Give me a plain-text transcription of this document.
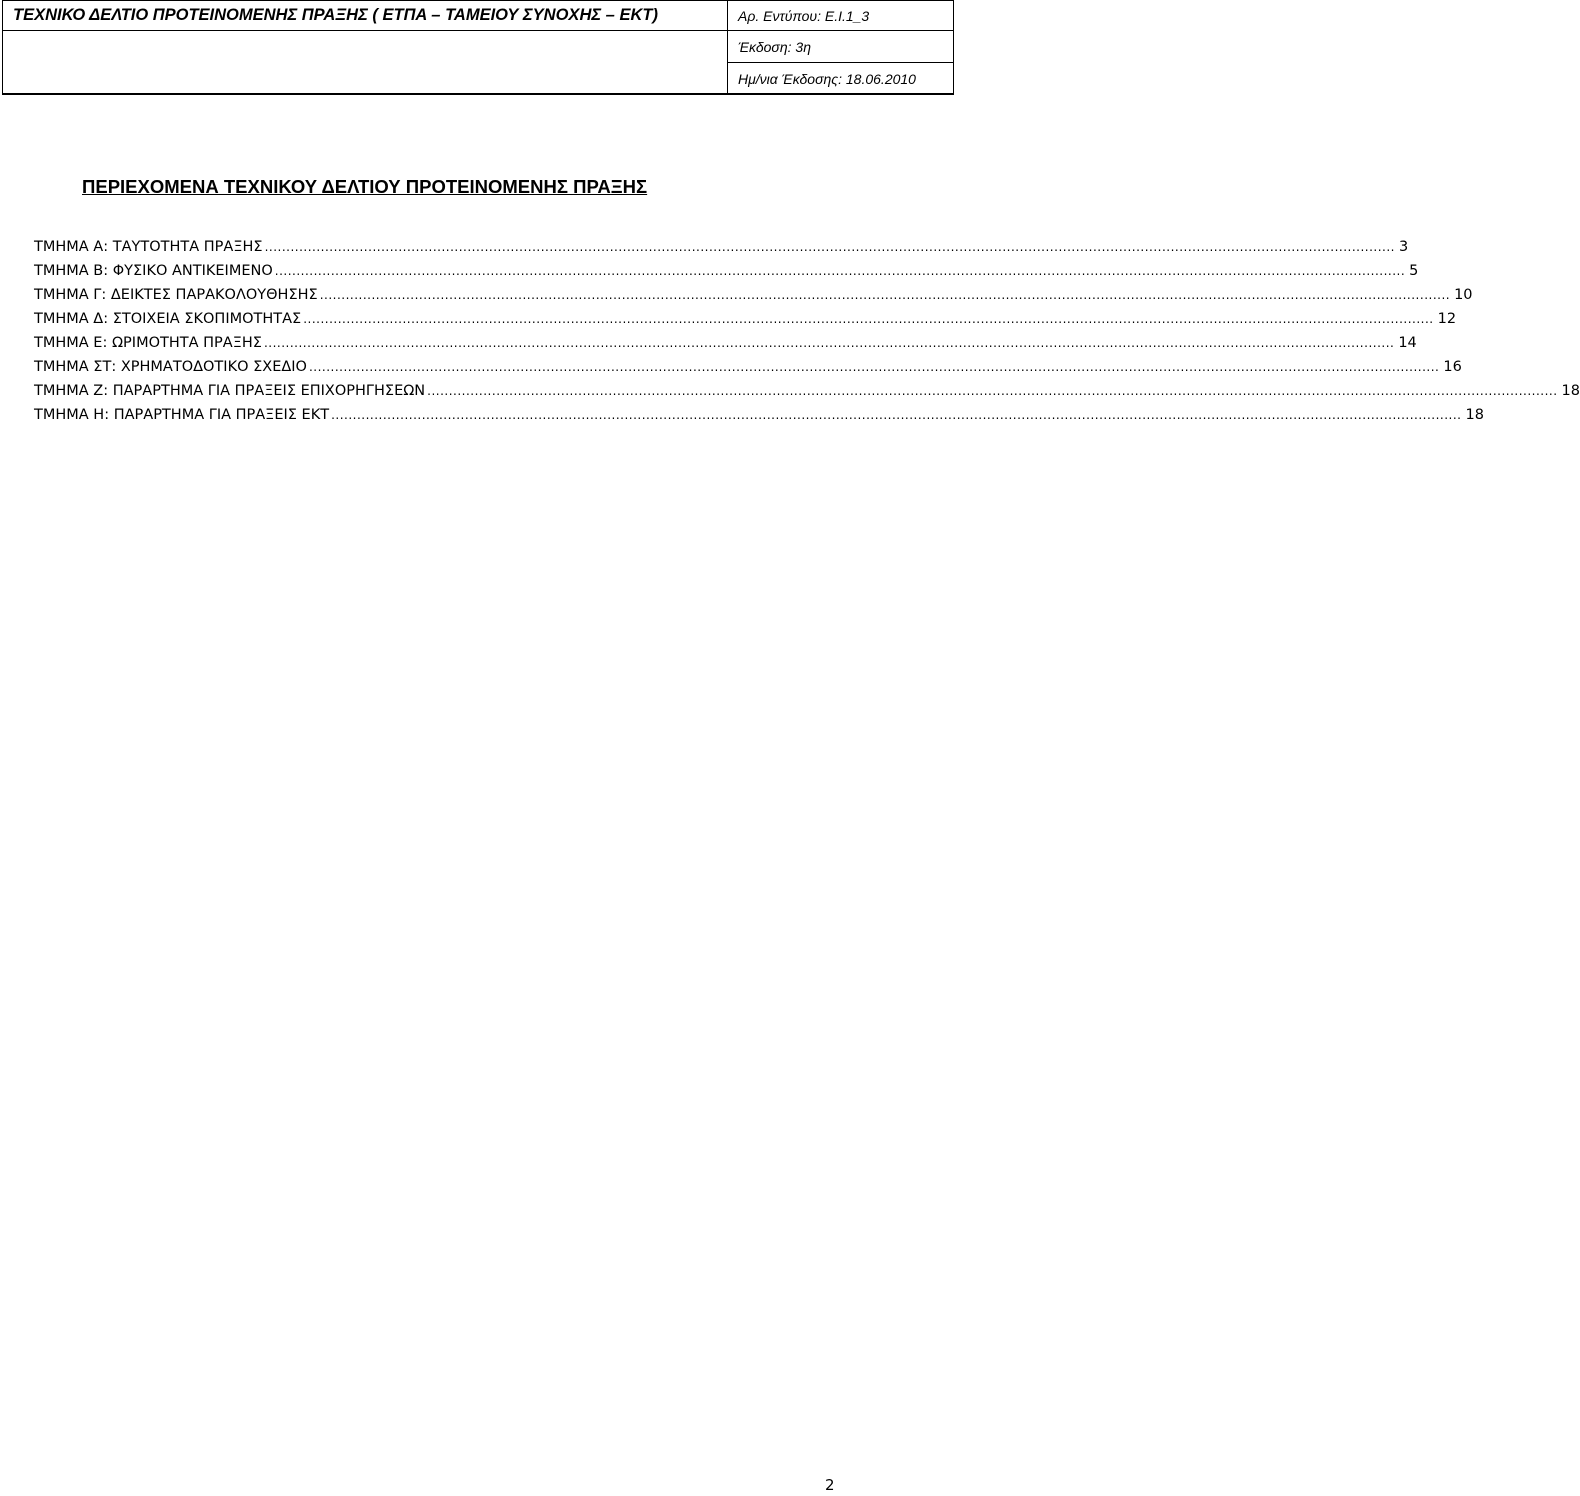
ΤΕΧΝΙΚΟ ΔΕΛΤΙΟ ΠΡΟΤΕΙΝΟΜΕΝΗΣ ΠΡΑΞΗΣ ( ΕΤΠΑ – ΤΑΜΕΙΟΥ ΣΥΝΟΧΗΣ – ΕΚΤ)	Αρ. Εντύπου: Ε.Ι.1_3
Έκδοση: 3η
Ημ/νια Έκδοσης: 18.06.2010
ΠΕΡΙΕΧΟΜΕΝΑ ΤΕΧΝΙΚΟΥ ΔΕΛΤΙΟΥ ΠΡΟΤΕΙΝΟΜΕΝΗΣ ΠΡΑΞΗΣ
ΤΜΗΜΑ Α: ΤΑΥΤΟΤΗΤΑ ΠΡΑΞΗΣ .....	3
ΤΜΗΜΑ Β: ΦΥΣΙΚΟ ΑΝΤΙΚΕΙΜΕΝΟ .....	5
ΤΜΗΜΑ Γ: ΔΕΙΚΤΕΣ ΠΑΡΑΚΟΛΟΥΘΗΣΗΣ .....	10
ΤΜΗΜΑ Δ: ΣΤΟΙΧΕΙΑ ΣΚΟΠΙΜΟΤΗΤΑΣ .....	12
ΤΜΗΜΑ Ε: ΩΡΙΜΟΤΗΤΑ ΠΡΑΞΗΣ .....	14
ΤΜΗΜΑ ΣΤ: ΧΡΗΜΑΤΟΔΟΤΙΚΟ ΣΧΕΔΙΟ .....	16
ΤΜΗΜΑ Ζ: ΠΑΡΑΡΤΗΜΑ ΓΙΑ ΠΡΑΞΕΙΣ ΕΠΙΧΟΡΗΓΗΣΕΩΝ .....	18
ΤΜΗΜΑ Η: ΠΑΡΑΡΤΗΜΑ ΓΙΑ ΠΡΑΞΕΙΣ ΕΚΤ .....	18
2
